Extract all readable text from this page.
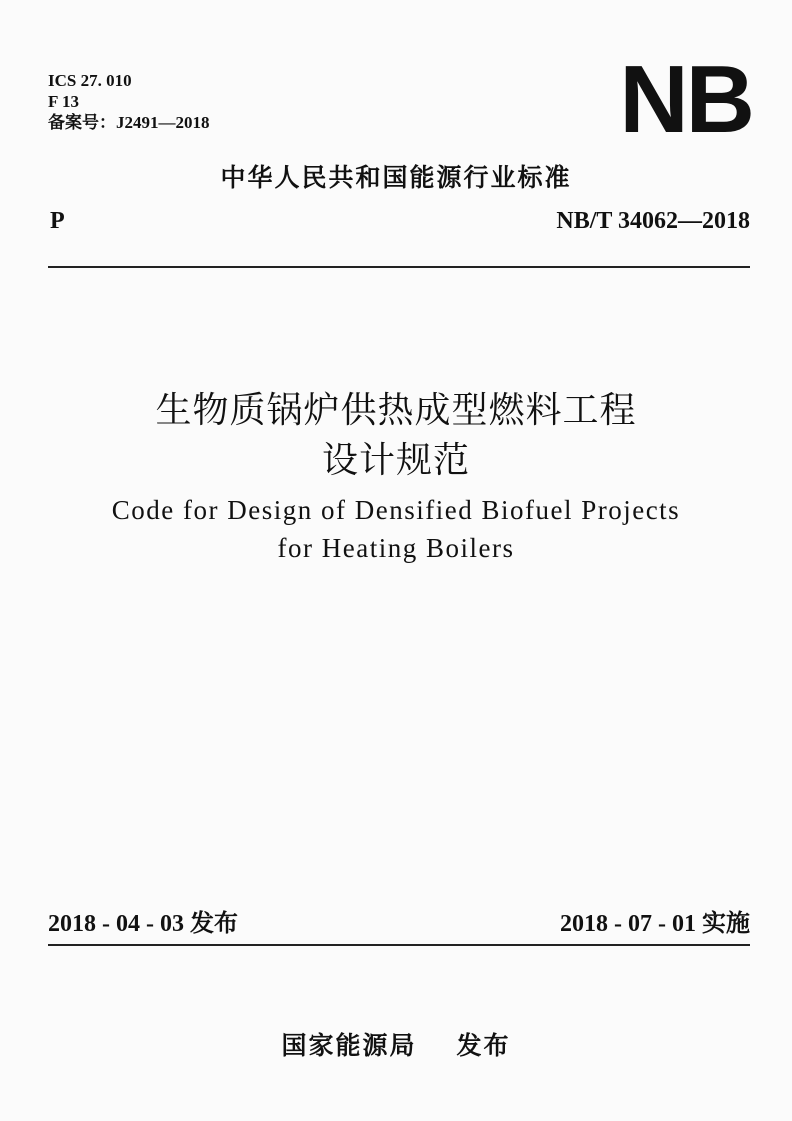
ICS 27. 010
F 13
备案号：J2491—2018	NB
中华人民共和国能源行业标准
P	NB/T 34062—2018
生物质锅炉供热成型燃料工程
设计规范
Code for Design of Densified Biofuel Projects
for Heating Boilers
2018 - 04 - 03 发布	2018 - 07 - 01 实施
国家能源局 发布
